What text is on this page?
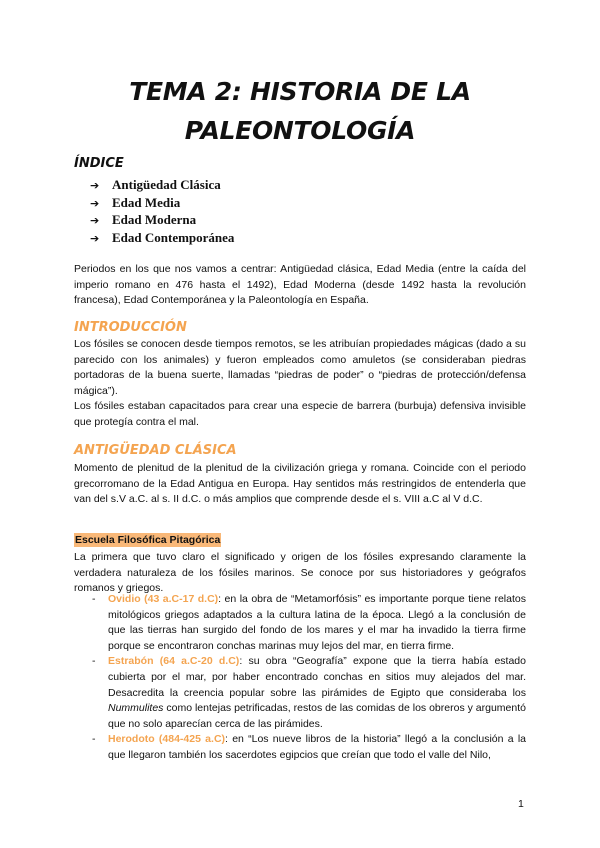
TEMA 2: HISTORIA DE LA
PALEONTOLOGÍA
ÍNDICE
➔ Antigüedad Clásica
➔ Edad Media
➔ Edad Moderna
➔ Edad Contemporánea

Periodos en los que nos vamos a centrar: Antigüedad clásica, Edad Media (entre la caída del imperio romano en 476 hasta el 1492), Edad Moderna (desde 1492 hasta la revolución francesa), Edad Contemporánea y la Paleontología en España.

INTRODUCCIÓN

Los fósiles se conocen desde tiempos remotos, se les atribuían propiedades mágicas (dado a su parecido con los animales) y fueron empleados como amuletos (se consideraban piedras portadoras de la buena suerte, llamadas “piedras de poder” o “piedras de protección/defensa mágica”).

Los fósiles estaban capacitados para crear una especie de barrera (burbuja) defensiva invisible que protegía contra el mal.

ANTIGÜEDAD CLÁSICA

Momento de plenitud de la plenitud de la civilización griega y romana. Coincide con el periodo grecorromano de la Edad Antigua en Europa. Hay sentidos más restringidos de entenderla que van del s.V a.C. al s. II d.C. o más amplios que comprende desde el s. VIII a.C al V d.C.

Escuela Filosófica Pitagórica

La primera que tuvo claro el significado y origen de los fósiles expresando claramente la verdadera naturaleza de los fósiles marinos. Se conoce por sus historiadores y geógrafos romanos y griegos.

- Ovidio (43 a.C-17 d.C): en la obra de “Metamorfósis” es importante porque tiene relatos mitológicos griegos adaptados a la cultura latina de la época. Llegó a la conclusión de que las tierras han surgido del fondo de los mares y el mar ha invadido la tierra firme porque se encontraron conchas marinas muy lejos del mar, en tierra firme.
- Estrabón (64 a.C-20 d.C): su obra “Geografía” expone que la tierra había estado cubierta por el mar, por haber encontrado conchas en sitios muy alejados del mar. Desacredita la creencia popular sobre las pirámides de Egipto que consideraba los Nummulites como lentejas petrificadas, restos de las comidas de los obreros y argumentó que no solo aparecían cerca de las pirámides.
- Herodoto (484-425 a.C): en “Los nueve libros de la historia” llegó a la conclusión a la que llegaron también los sacerdotes egipcios que creían que todo el valle del Nilo,

1
